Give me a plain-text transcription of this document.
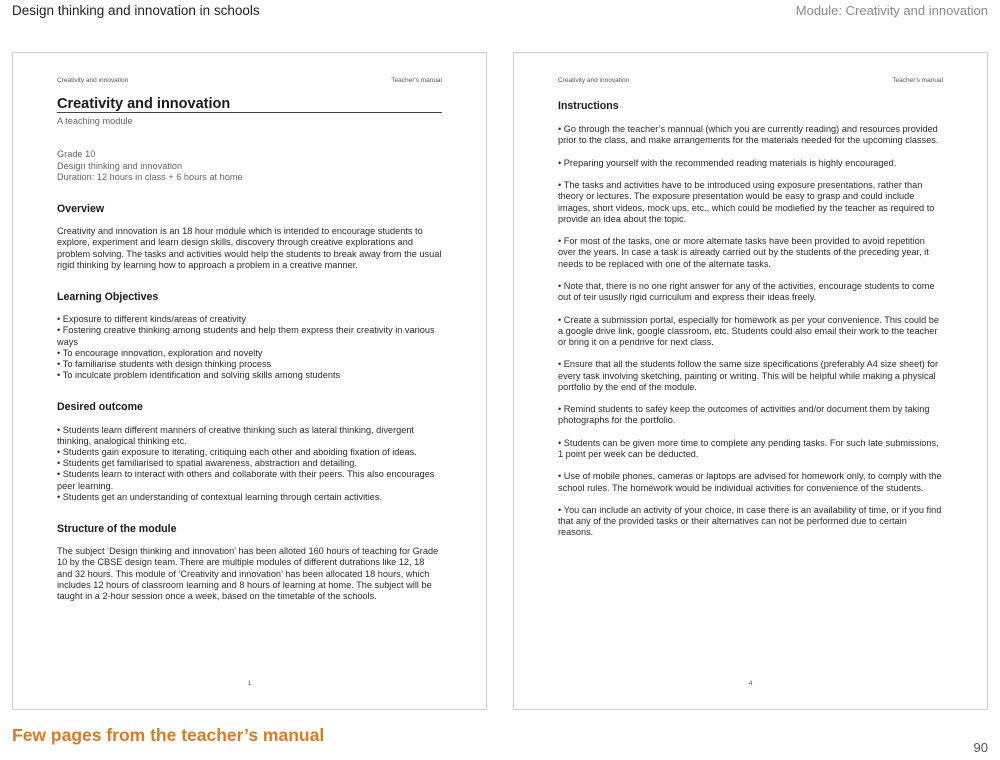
Design thinking and innovation in schools	Module: Creativity and innovation
Creativity and innovation	Teacher's manual
Creativity and innovation
A teaching module
Grade 10
Design thinking and innovation
Duration: 12 hours in class + 6 hours at home
Overview

Creativity and innovation is an 18 hour module which is intended to encourage students to explore, experiment and learn design skills, discovery through creative explorations and problem solving. The tasks and activities would help the students to break away from the usual rigid thinking by learning how to approach a problem in a creative manner.

Learning Objectives
• Exposure to different kinds/areas of creativity
• Fostering creative thinking among students and help them express their creativity in various ways
• To encourage innovation, exploration and novelty
• To familiarise students with design thinking process
• To inculcate problem identification and solving skills among students
Desired outcome
• Students learn different manners of creative thinking such as lateral thinking, divergent thinking, analogical thinking etc.
• Students gain exposure to iterating, critiquing each other and aboiding fixation of ideas.
• Students get familiarised to spatial awareness, abstraction and detailing.
• Students learn to interact with others and collaborate with their peers. This also encourages peer learning.
• Students get an understanding of contextual learning through certain activities.
Structure of the module

The subject ‘Design thinking and innovation’ has been alloted 160 hours of teaching for Grade 10 by the CBSE design team. There are multiple modules of different dutrations like 12, 18 and 32 hours. This module of ‘Creativity and innovation’ has been allocated 18 hours, which includes 12 hours of classroom learning and 8 hours of learning at home. The subject will be taught in a 2-hour session once a week, based on the timetable of the schools.

1
Creativity and innovation	Teacher's manual
Instructions
• Go through the teacher’s mannual (which you are currently reading) and resources provided prior to the class, and make arrangements for the materials needed for the upcoming classes.
• Preparing yourself with the recommended reading materials is highly encouraged.
• The tasks and activities have to be introduced using exposure presentations, rather than theory or lectures. The exposure presentation would be easy to grasp and could include images, short videos, mock ups, etc., which could be modiefied by the teacher as required to provide an idea about the topic.
• For most of the tasks, one or more alternate tasks have been provided to avoid repetition over the years. In case a task is already carried out by the students of the preceding year, it needs to be replaced with one of the alternate tasks.
• Note that, there is no one right answer for any of the activities, encourage students to come out of teir ususlly rigid curriculum and express their ideas freely.
• Create a submission portal, especially for homework as per your convenience. This could be a google drive link, google classroom, etc. Students could also email their work to the teacher or bring it on a pendrive for next class.
• Ensure that all the students follow the same size specifications (preferably A4 size sheet) for every task involving sketching, painting or writing. This will be helpful while making a physical portfolio by the end of the module.
• Remind students to safey keep the outcomes of activities and/or document them by taking photographs for the portfolio.
• Students can be given more time to complete any pending tasks. For such late submissions, 1 point per week can be deducted.
• Use of mobile phones, cameras or laptops are advised for homework only, to comply with the school rules. The homework would be individual activities for convenience of the students.
• You can include an activity of your choice, in case there is an availability of time, or if you find that any of the provided tasks or their alternatives can not be performed due to certain reasons.
4
Few pages from the teacher’s manual
90
